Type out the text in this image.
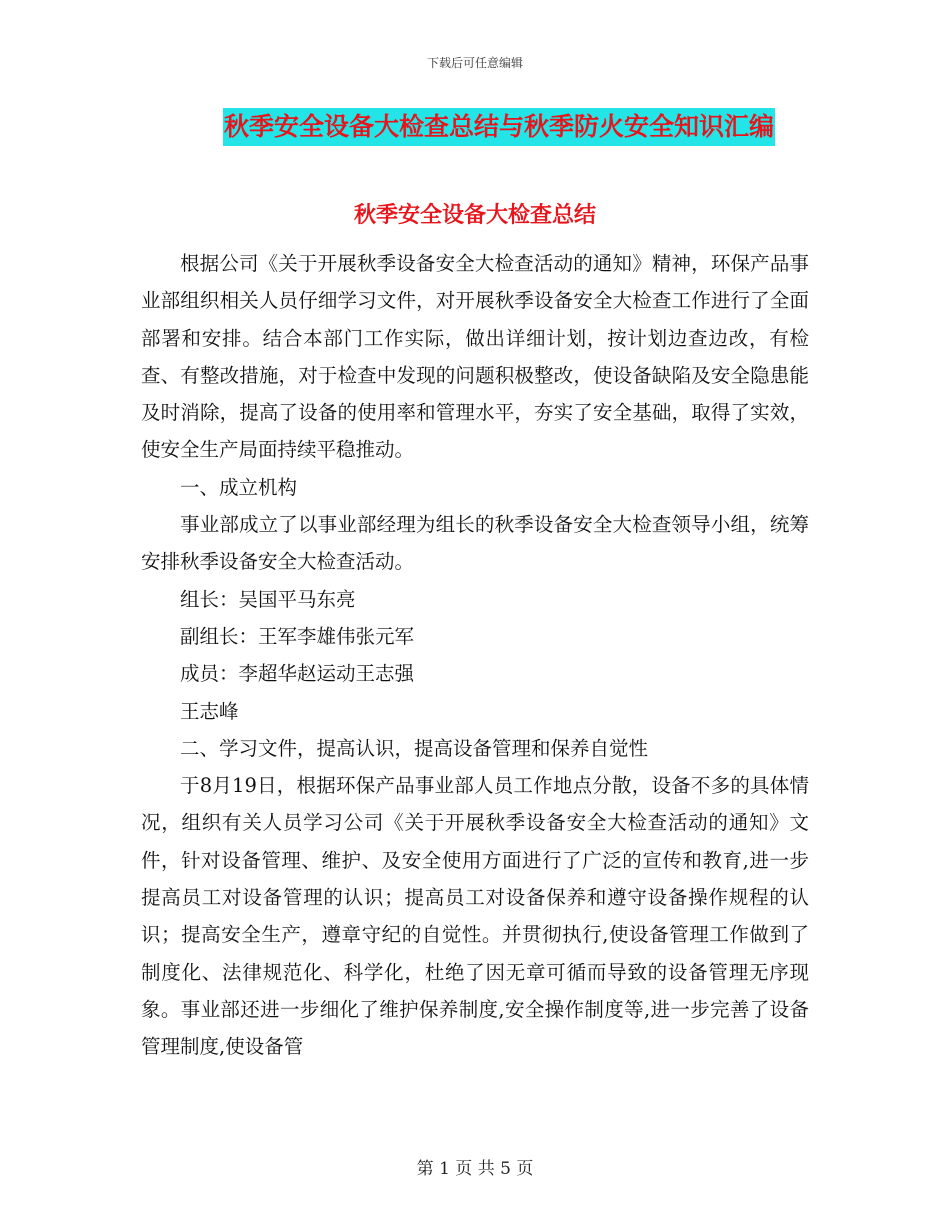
下载后可任意编辑
秋季安全设备大检查总结与秋季防火安全知识汇编
秋季安全设备大检查总结

根据公司《关于开展秋季设备安全大检查活动的通知》精神，环保产品事业部组织相关人员仔细学习文件，对开展秋季设备安全大检查工作进行了全面部署和安排。结合本部门工作实际，做出详细计划，按计划边查边改，有检查、有整改措施，对于检查中发现的问题积极整改，使设备缺陷及安全隐患能及时消除，提高了设备的使用率和管理水平，夯实了安全基础，取得了实效，使安全生产局面持续平稳推动。

一、成立机构

事业部成立了以事业部经理为组长的秋季设备安全大检查领导小组，统筹安排秋季设备安全大检查活动。

组长：吴国平马东亮

副组长：王军李雄伟张元军

成员：李超华赵运动王志强

王志峰

二、学习文件，提高认识，提高设备管理和保养自觉性

于8月19日，根据环保产品事业部人员工作地点分散，设备不多的具体情况，组织有关人员学习公司《关于开展秋季设备安全大检查活动的通知》文件，针对设备管理、维护、及安全使用方面进行了广泛的宣传和教育,进一步提高员工对设备管理的认识；提高员工对设备保养和遵守设备操作规程的认识；提高安全生产，遵章守纪的自觉性。并贯彻执行,使设备管理工作做到了制度化、法律规范化、科学化，杜绝了因无章可循而导致的设备管理无序现象。事业部还进一步细化了维护保养制度,安全操作制度等,进一步完善了设备管理制度,使设备管

第 1 页 共 5 页
